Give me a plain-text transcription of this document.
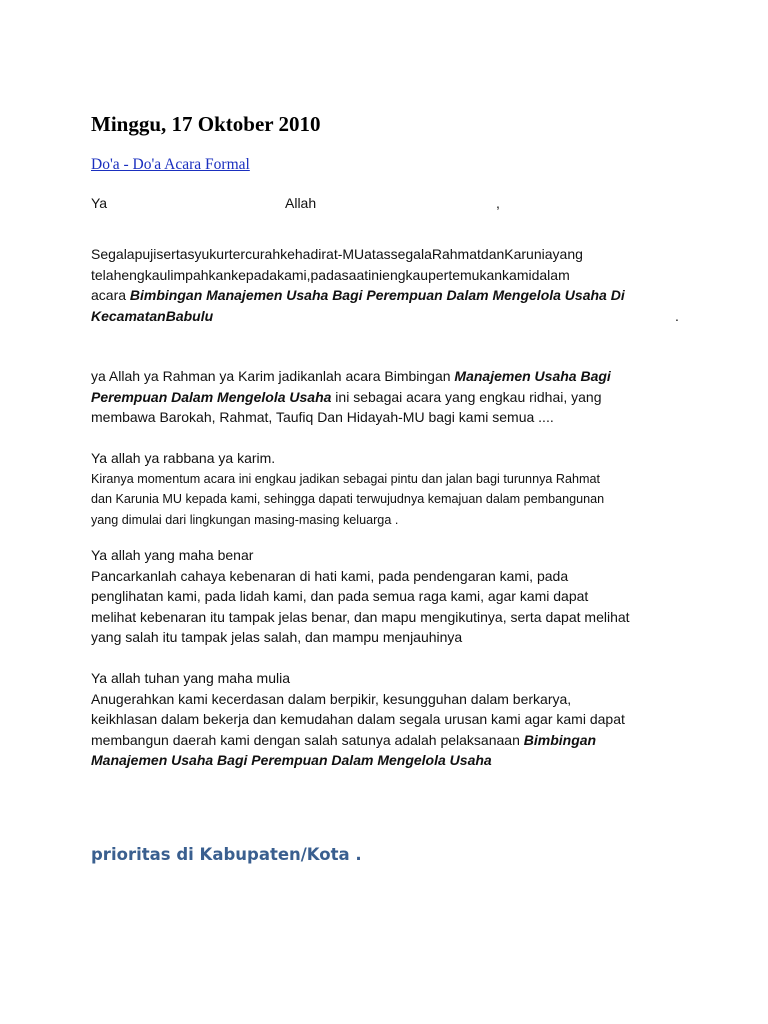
Minggu, 17 Oktober 2010
Do'a - Do'a Acara Formal
Ya	Allah	,
Segalapujisertasyukurtercurahkehadirat-MUatassegalaRahmatdanKaruniayang
telahengkaulimpahkankepadakami,padasaatiniengkaupertemukankamidalam
acara Bimbingan Manajemen Usaha Bagi Perempuan Dalam Mengelola Usaha Di
KecamatanBabulu	.
ya Allah ya Rahman ya Karim jadikanlah acara Bimbingan Manajemen Usaha Bagi
Perempuan Dalam Mengelola Usaha ini sebagai acara yang engkau ridhai, yang
membawa Barokah, Rahmat, Taufiq Dan Hidayah-MU bagi kami semua ....
Ya allah ya rabbana ya karim.
Kiranya momentum acara ini engkau jadikan sebagai pintu dan jalan bagi turunnya Rahmat
dan Karunia MU kepada kami, sehingga dapati terwujudnya kemajuan dalam pembangunan
yang dimulai dari lingkungan masing-masing keluarga .
Ya allah yang maha benar
Pancarkanlah cahaya kebenaran di hati kami, pada pendengaran kami, pada
penglihatan kami, pada lidah kami, dan pada semua raga kami, agar kami dapat
melihat kebenaran itu tampak jelas benar, dan mapu mengikutinya, serta dapat melihat
yang salah itu tampak jelas salah, dan mampu menjauhinya
Ya allah tuhan yang maha mulia
Anugerahkan kami kecerdasan dalam berpikir, kesungguhan dalam berkarya,
keikhlasan dalam bekerja dan kemudahan dalam segala urusan kami agar kami dapat
membangun daerah kami dengan salah satunya adalah pelaksanaan Bimbingan
Manajemen Usaha Bagi Perempuan Dalam Mengelola Usaha
prioritas di Kabupaten/Kota .
